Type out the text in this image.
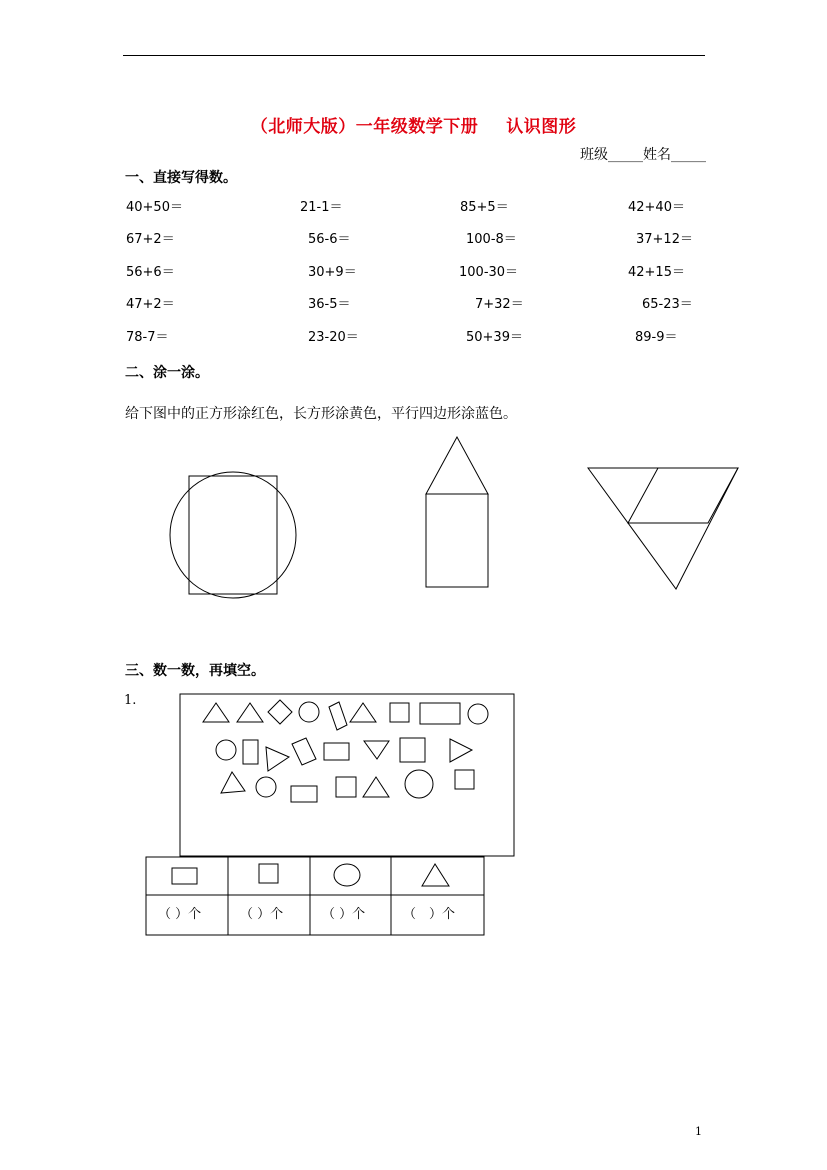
（北师大版）一年级数学下册 认识图形
班级_____姓名_____
一、直接写得数。
40+50＝	21-1＝	85+5＝	42+40＝
67+2＝	56-6＝	100-8＝	37+12＝
56+6＝	30+9＝	100-30＝	42+15＝
47+2＝	36-5＝	7+32＝	65-23＝
78-7＝	23-20＝	50+39＝	89-9＝
二、涂一涂。
给下图中的正方形涂红色，长方形涂黄色，平行四边形涂蓝色。
三、数一数，再填空。
1.
（ ）个	（ ）个	（ ）个	（　）个
1
